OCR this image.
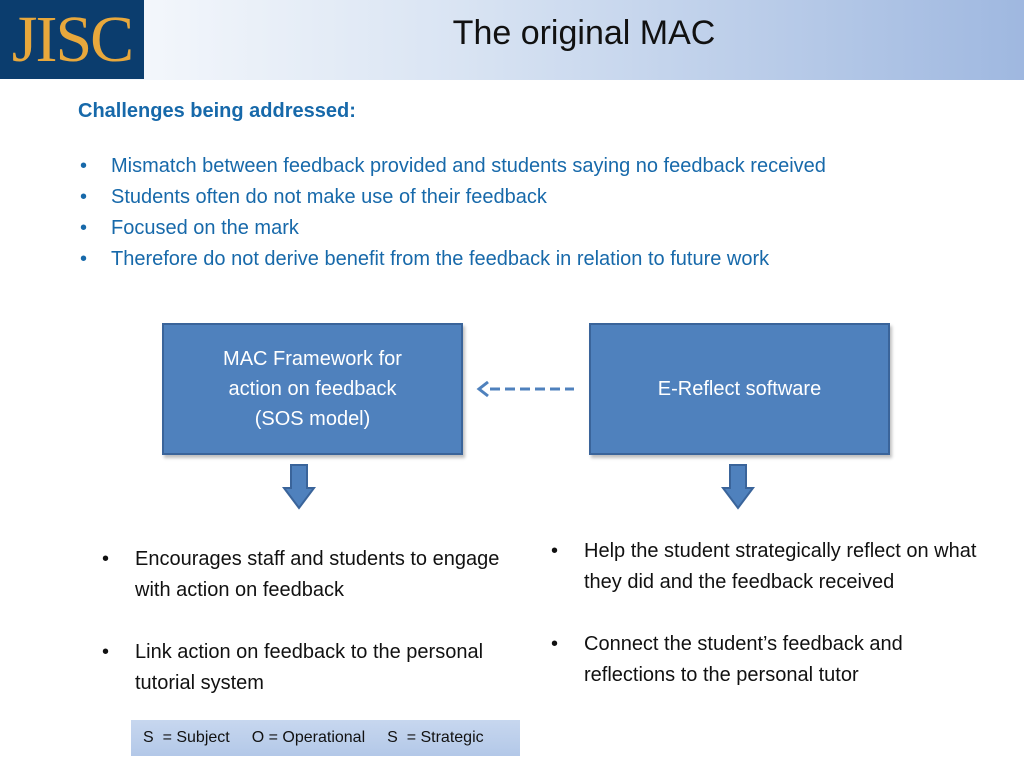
JISC	The original MAC
Challenges being addressed:
• Mismatch between feedback provided and students saying no feedback received
• Students often do not make use of their feedback
• Focused on the mark
• Therefore do not derive benefit from the feedback in relation to future work
MAC Framework for
action on feedback
(SOS model)
E-Reflect software
• Encourages staff and students to engage with action on feedback
• Link action on feedback to the personal tutorial system
• Help the student strategically reflect on what they did and the feedback received
• Connect the student’s feedback and reflections to the personal tutor
S  = Subject O = Operational S  = Strategic
